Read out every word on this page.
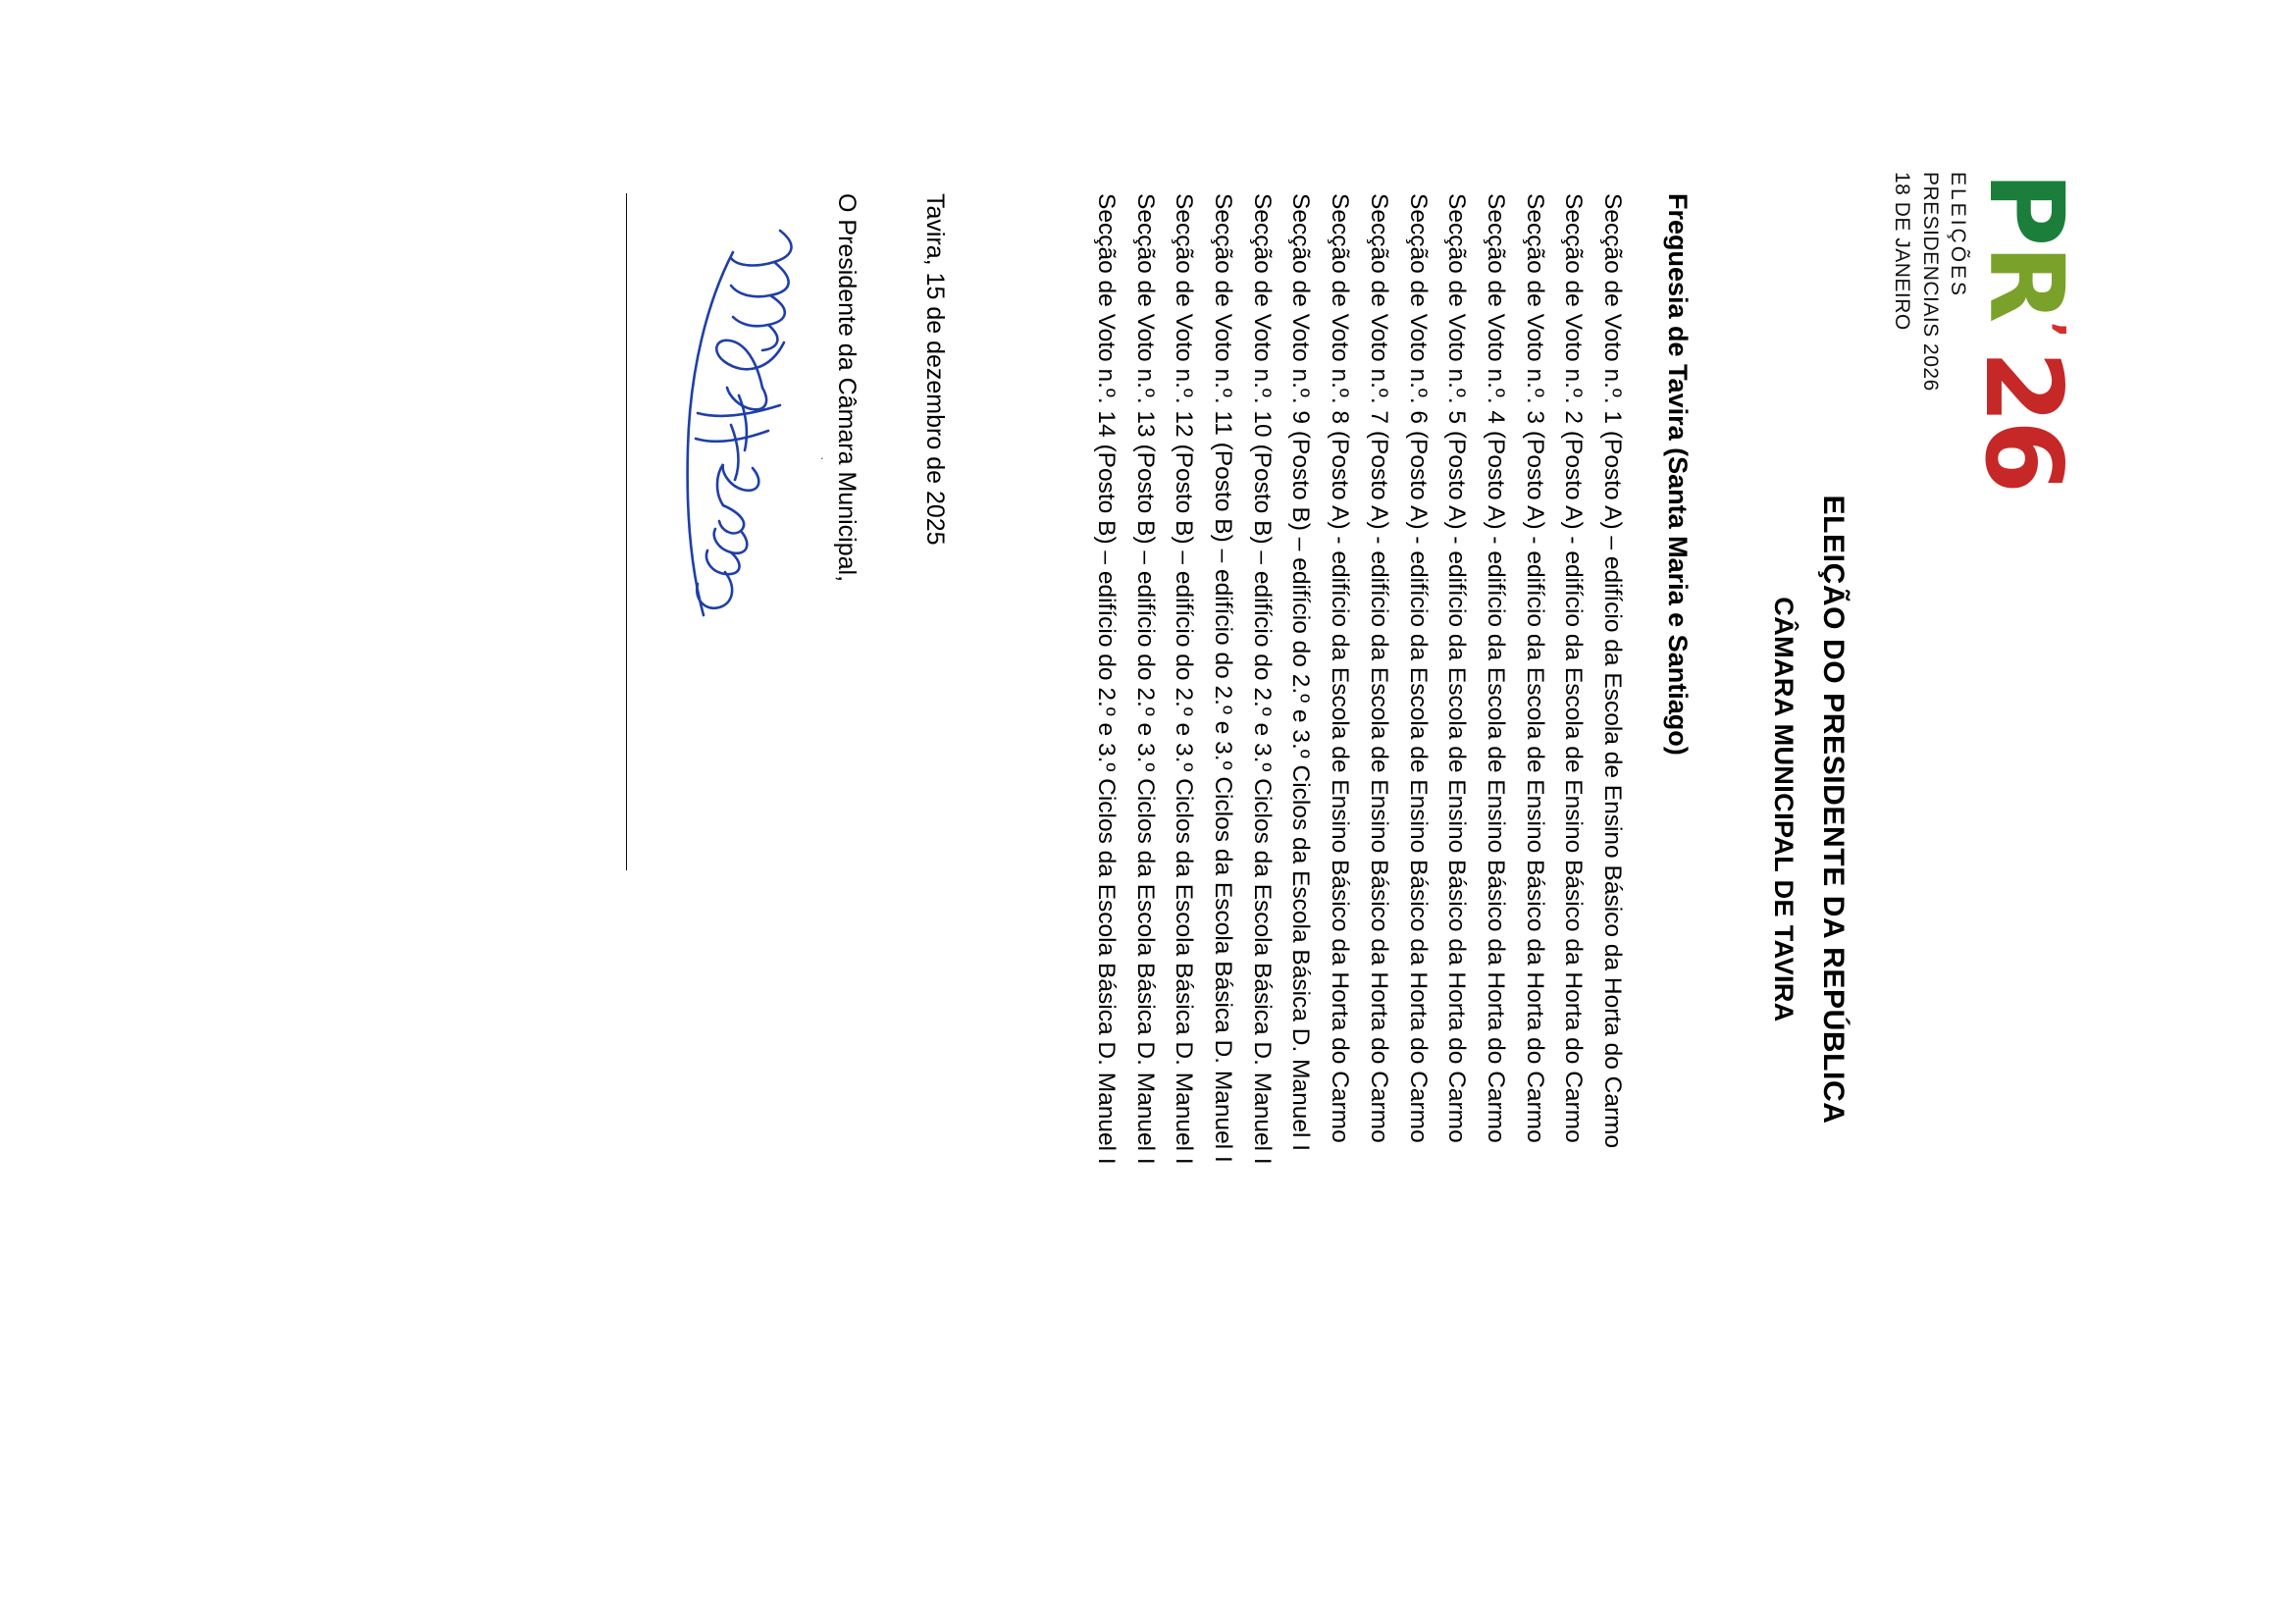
PR
’
26
ELEIÇÕES
PRESIDENCIAIS 2026
18 DE JANEIRO
ELEIÇÃO DO PRESIDENTE DA REPÚBLICA
CÂMARA MUNICIPAL DE TAVIRA
Freguesia de Tavira (Santa Maria e Santiago)
Secção de Voto n.º. 1 (Posto A) – edifício da Escola de Ensino Básico da Horta do Carmo
Secção de Voto n.º. 2 (Posto A) - edifício da Escola de Ensino Básico da Horta do Carmo
Secção de Voto n.º. 3 (Posto A) - edifício da Escola de Ensino Básico da Horta do Carmo
Secção de Voto n.º. 4 (Posto A) - edifício da Escola de Ensino Básico da Horta do Carmo
Secção de Voto n.º. 5 (Posto A) - edifício da Escola de Ensino Básico da Horta do Carmo
Secção de Voto n.º. 6 (Posto A) - edifício da Escola de Ensino Básico da Horta do Carmo
Secção de Voto n.º. 7 (Posto A) - edifício da Escola de Ensino Básico da Horta do Carmo
Secção de Voto n.º. 8 (Posto A) - edifício da Escola de Ensino Básico da Horta do Carmo
Secção de Voto n.º. 9 (Posto B) – edifício do 2.º e 3.º Ciclos da Escola Básica D. Manuel I
Secção de Voto n.º. 10 (Posto B) – edifício do 2.º e 3.º Ciclos da Escola Básica D. Manuel I
Secção de Voto n.º. 11 (Posto B) – edifício do 2.º e 3.º Ciclos da Escola Básica D. Manuel I
Secção de Voto n.º. 12 (Posto B) – edifício do 2.º e 3.º Ciclos da Escola Básica D. Manuel I
Secção de Voto n.º. 13 (Posto B) – edifício do 2.º e 3.º Ciclos da Escola Básica D. Manuel I
Secção de Voto n.º. 14 (Posto B) – edifício do 2.º e 3.º Ciclos da Escola Básica D. Manuel I
Tavira, 15 de dezembro de 2025
O Presidente da Câmara Municipal,
·
